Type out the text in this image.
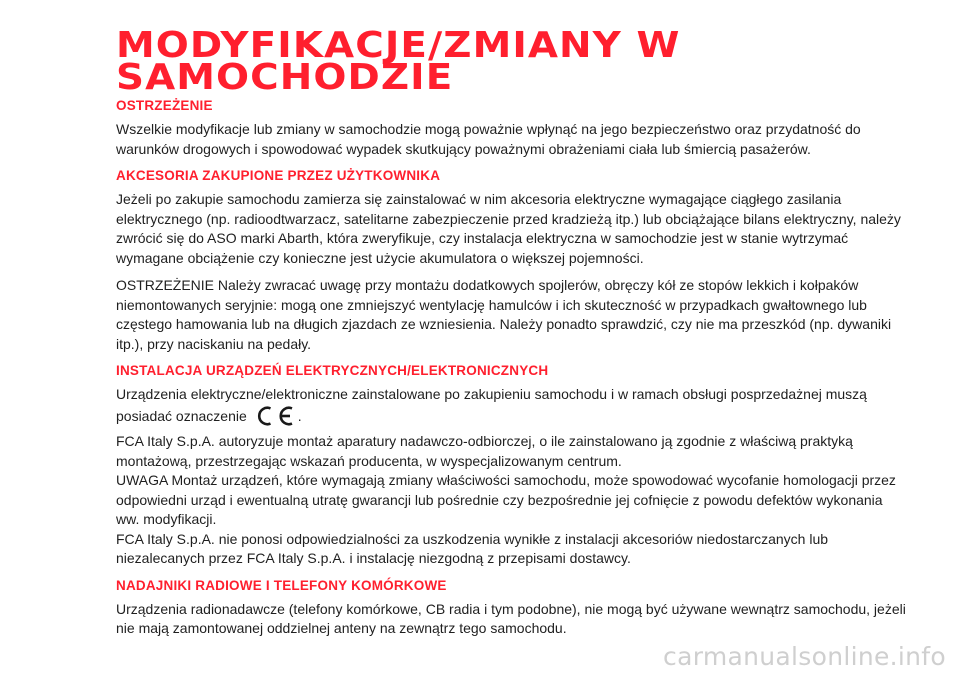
MODYFIKACJE/ZMIANY W
SAMOCHODZIE
OSTRZEŻENIE

Wszelkie modyfikacje lub zmiany w samochodzie mogą poważnie wpłynąć na jego bezpieczeństwo oraz przydatność do warunków drogowych i spowodować wypadek skutkujący poważnymi obrażeniami ciała lub śmiercią pasażerów.

AKCESORIA ZAKUPIONE PRZEZ UŻYTKOWNIKA

Jeżeli po zakupie samochodu zamierza się zainstalować w nim akcesoria elektryczne wymagające ciągłego zasilania elektrycznego (np. radioodtwarzacz, satelitarne zabezpieczenie przed kradzieżą itp.) lub obciążające bilans elektryczny, należy zwrócić się do ASO marki Abarth, która zweryfikuje, czy instalacja elektryczna w samochodzie jest w stanie wytrzymać wymagane obciążenie czy konieczne jest użycie akumulatora o większej pojemności.

OSTRZEŻENIE Należy zwracać uwagę przy montażu dodatkowych spojlerów, obręczy kół ze stopów lekkich i kołpaków niemontowanych seryjnie: mogą one zmniejszyć wentylację hamulców i ich skuteczność w przypadkach gwałtownego lub częstego hamowania lub na długich zjazdach ze wzniesienia. Należy ponadto sprawdzić, czy nie ma przeszkód (np. dywaniki itp.), przy naciskaniu na pedały.

INSTALACJA URZĄDZEŃ ELEKTRYCZNYCH/ELEKTRONICZNYCH

Urządzenia elektryczne/elektroniczne zainstalowane po zakupieniu samochodu i w ramach obsługi posprzedażnej muszą posiadać oznaczenie	.

FCA Italy S.p.A. autoryzuje montaż aparatury nadawczo-odbiorczej, o ile zainstalowano ją zgodnie z właściwą praktyką montażową, przestrzegając wskazań producenta, w wyspecjalizowanym centrum.

UWAGA Montaż urządzeń, które wymagają zmiany właściwości samochodu, może spowodować wycofanie homologacji przez odpowiedni urząd i ewentualną utratę gwarancji lub pośrednie czy bezpośrednie jej cofnięcie z powodu defektów wykonania ww. modyfikacji.

FCA Italy S.p.A. nie ponosi odpowiedzialności za uszkodzenia wynikłe z instalacji akcesoriów niedostarczanych lub niezalecanych przez FCA Italy S.p.A. i instalację niezgodną z przepisami dostawcy.

NADAJNIKI RADIOWE I TELEFONY KOMÓRKOWE

Urządzenia radionadawcze (telefony komórkowe, CB radia i tym podobne), nie mogą być używane wewnątrz samochodu, jeżeli nie mają zamontowanej oddzielnej anteny na zewnątrz tego samochodu.

carmanualsonline.info
